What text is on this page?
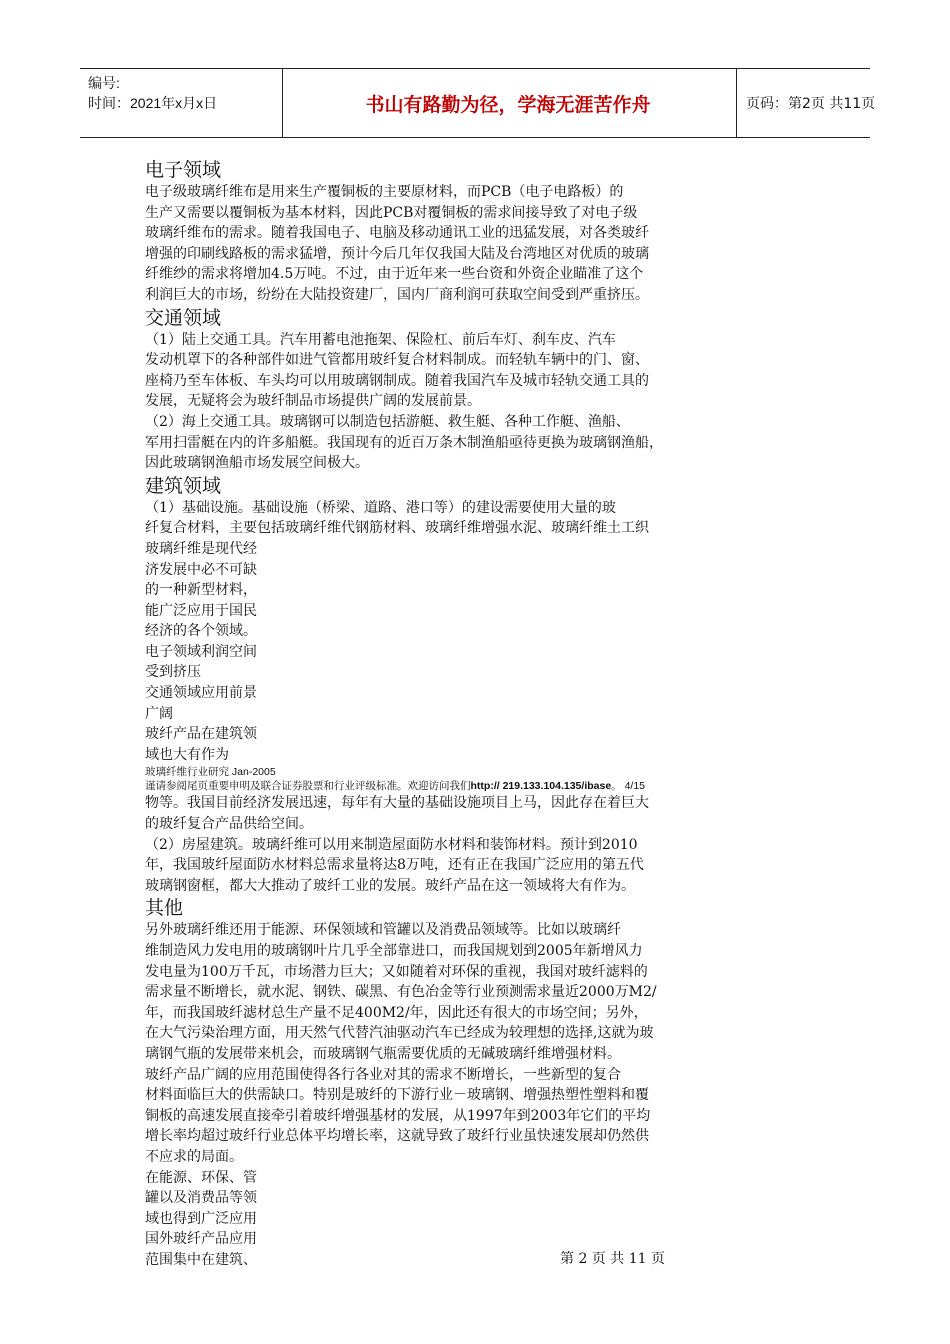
编号:
时间：2021年x月x日	书山有路勤为径，学海无涯苦作舟	页码：第2页 共11页
电子领域
电子级玻璃纤维布是用来生产覆铜板的主要原材料，而PCB（电子电路板）的
生产又需要以覆铜板为基本材料，因此PCB对覆铜板的需求间接导致了对电子级
玻璃纤维布的需求。随着我国电子、电脑及移动通讯工业的迅猛发展，对各类玻纤
增强的印刷线路板的需求猛增，预计今后几年仅我国大陆及台湾地区对优质的玻璃
纤维纱的需求将增加4.5万吨。不过，由于近年来一些台资和外资企业瞄准了这个
利润巨大的市场，纷纷在大陆投资建厂，国内厂商利润可获取空间受到严重挤压。
交通领域
（1）陆上交通工具。汽车用蓄电池拖架、保险杠、前后车灯、刹车皮、汽车
发动机罩下的各种部件如进气管都用玻纤复合材料制成。而轻轨车辆中的门、窗、
座椅乃至车体板、车头均可以用玻璃钢制成。随着我国汽车及城市轻轨交通工具的
发展，无疑将会为玻纤制品市场提供广阔的发展前景。
（2）海上交通工具。玻璃钢可以制造包括游艇、救生艇、各种工作艇、渔船、
军用扫雷艇在内的许多船艇。我国现有的近百万条木制渔船亟待更换为玻璃钢渔船，
因此玻璃钢渔船市场发展空间极大。
建筑领域
（1）基础设施。基础设施（桥梁、道路、港口等）的建设需要使用大量的玻
纤复合材料，主要包括玻璃纤维代钢筋材料、玻璃纤维增强水泥、玻璃纤维土工织
玻璃纤维是现代经
济发展中必不可缺
的一种新型材料，
能广泛应用于国民
经济的各个领域。
电子领域利润空间
受到挤压
交通领域应用前景
广阔
玻纤产品在建筑领
域也大有作为
玻璃纤维行业研究 Jan-2005
谨请参阅尾页重要申明及联合证券股票和行业评级标准。欢迎访问我们http:// 219.133.104.135/ibase。 4/15
物等。我国目前经济发展迅速，每年有大量的基础设施项目上马，因此存在着巨大
的玻纤复合产品供给空间。
（2）房屋建筑。玻璃纤维可以用来制造屋面防水材料和装饰材料。预计到2010
年，我国玻纤屋面防水材料总需求量将达8万吨，还有正在我国广泛应用的第五代
玻璃钢窗框，都大大推动了玻纤工业的发展。玻纤产品在这一领域将大有作为。
其他
另外玻璃纤维还用于能源、环保领域和管罐以及消费品领域等。比如以玻璃纤
维制造风力发电用的玻璃钢叶片几乎全部靠进口，而我国规划到2005年新增风力
发电量为100万千瓦，市场潜力巨大；又如随着对环保的重视，我国对玻纤滤料的
需求量不断增长，就水泥、钢铁、碳黑、有色冶金等行业预测需求量近2000万M2/
年，而我国玻纤滤材总生产量不足400M2/年，因此还有很大的市场空间；另外，
在大气污染治理方面，用天然气代替汽油驱动汽车已经成为较理想的选择,这就为玻
璃钢气瓶的发展带来机会，而玻璃钢气瓶需要优质的无碱玻璃纤维增强材料。
玻纤产品广阔的应用范围使得各行各业对其的需求不断增长，一些新型的复合
材料面临巨大的供需缺口。特别是玻纤的下游行业－玻璃钢、增强热塑性塑料和覆
铜板的高速发展直接牵引着玻纤增强基材的发展，从1997年到2003年它们的平均
增长率均超过玻纤行业总体平均增长率，这就导致了玻纤行业虽快速发展却仍然供
不应求的局面。
在能源、环保、管
罐以及消费品等领
域也得到广泛应用
国外玻纤产品应用
范围集中在建筑、	第 2 页 共 11 页
